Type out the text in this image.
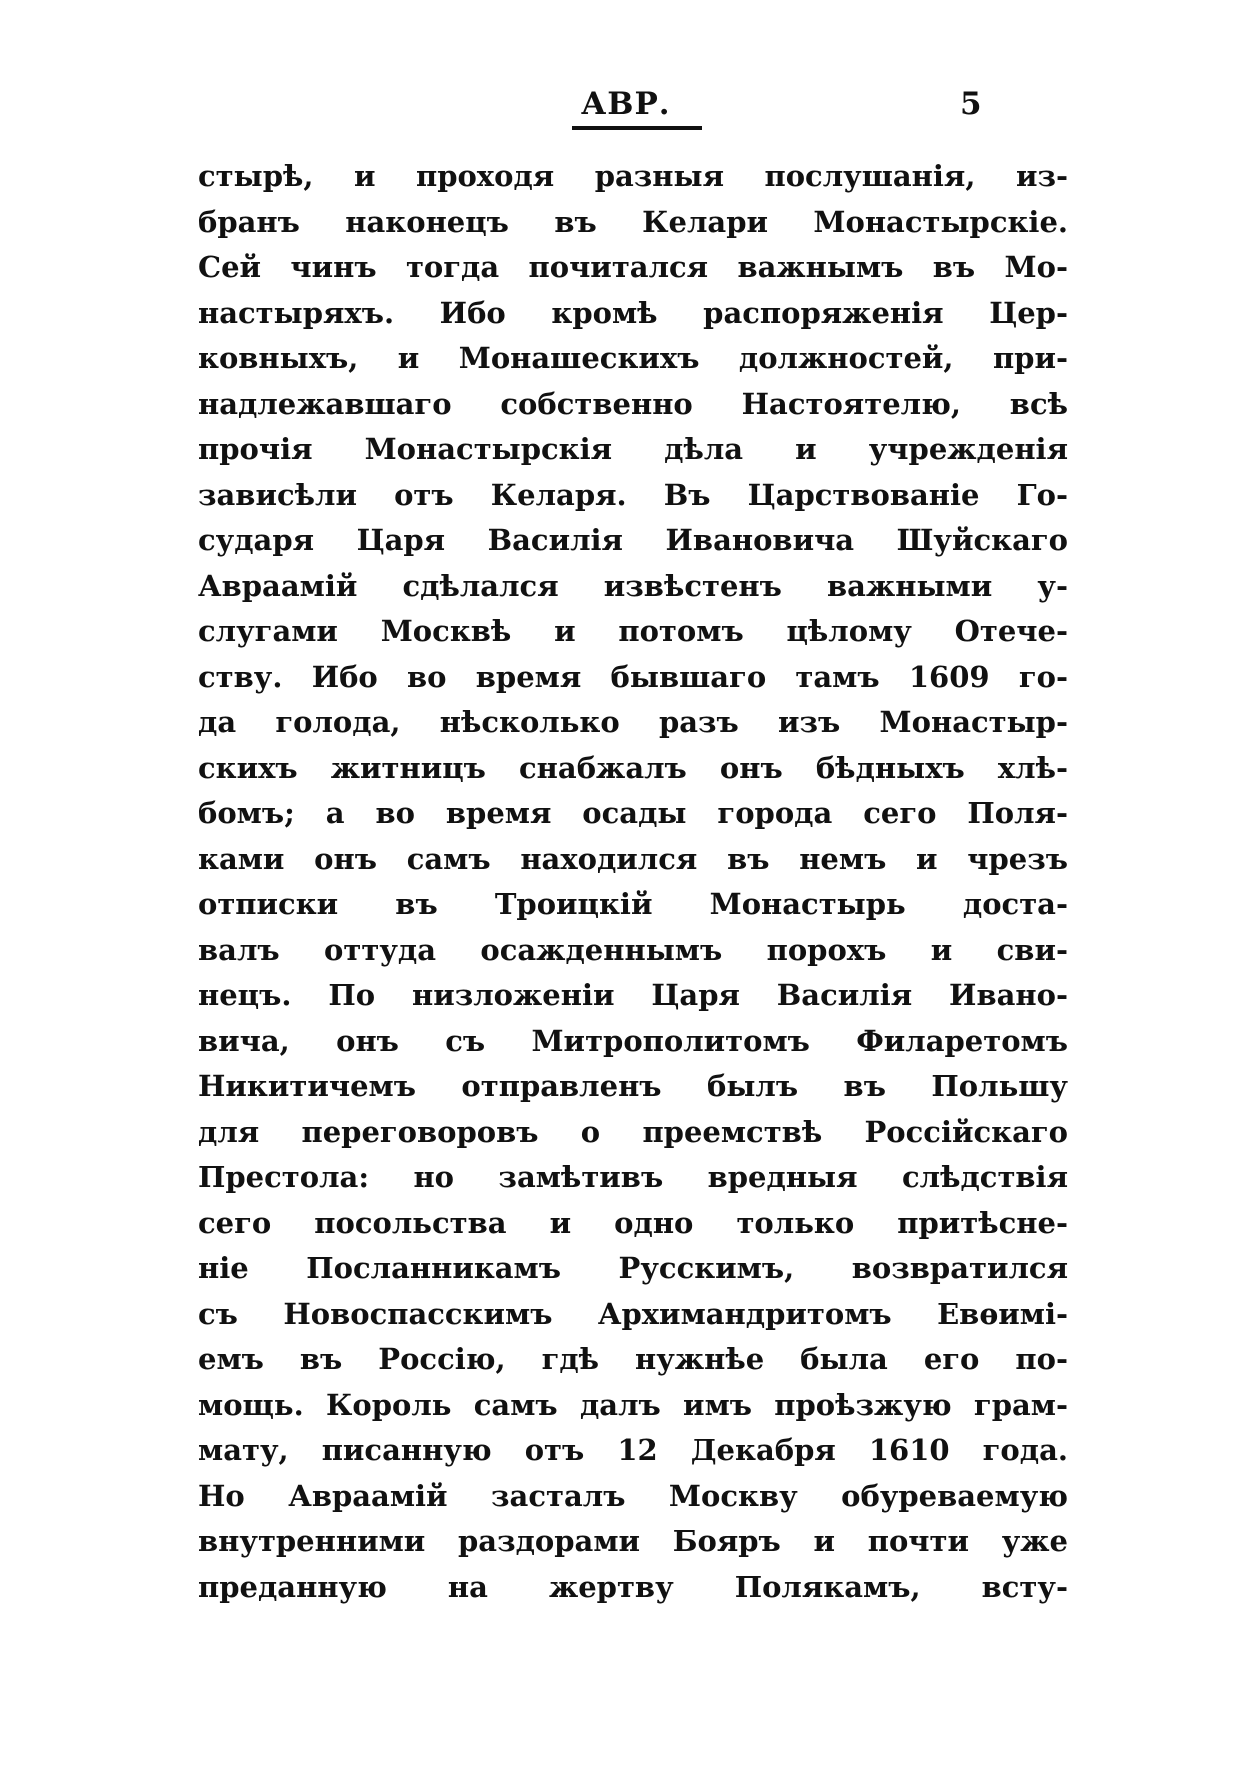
АВР.	5
стырѣ, и проходя разныя послушанія, из-
бранъ наконецъ въ Келари Монастырскіе.
Сей чинъ тогда почитался важнымъ въ Мо-
настыряхъ. Ибо кромѣ распоряженія Цер-
ковныхъ, и Монашескихъ должностей, при-
надлежавшаго собственно Настоятелю, всѣ
прочія Монастырскія дѣла и учрежденія
зависѣли отъ Келаря. Въ Царствованіе Го-
сударя Царя Василія Ивановича Шуйскаго
Авраамій сдѣлался извѣстенъ важными у-
слугами Москвѣ и потомъ цѣлому Отече-
ству. Ибо во время бывшаго тамъ 1609 го-
да голода, нѣсколько разъ изъ Монастыр-
скихъ житницъ снабжалъ онъ бѣдныхъ хлѣ-
бомъ; а во время осады города сего Поля-
ками онъ самъ находился въ немъ и чрезъ
отписки въ Троицкій Монастырь доста-
валъ оттуда осажденнымъ порохъ и сви-
нецъ. По низложеніи Царя Василія Ивано-
вича, онъ съ Митрополитомъ Филаретомъ
Никитичемъ отправленъ былъ въ Польшу
для переговоровъ о преемствѣ Россійскаго
Престола: но замѣтивъ вредныя слѣдствія
сего посольства и одно только притѣсне-
ніе Посланникамъ Русскимъ, возвратился
съ Новоспасскимъ Архимандритомъ Евѳимі-
емъ въ Россію, гдѣ нужнѣе была его по-
мощь. Король самъ далъ имъ проѣзжую грам-
мату, писанную отъ 12 Декабря 1610 года.
Но Авраамій засталъ Москву обуреваемую
внутренними раздорами Бояръ и почти уже
преданную на жертву Полякамъ, всту-
